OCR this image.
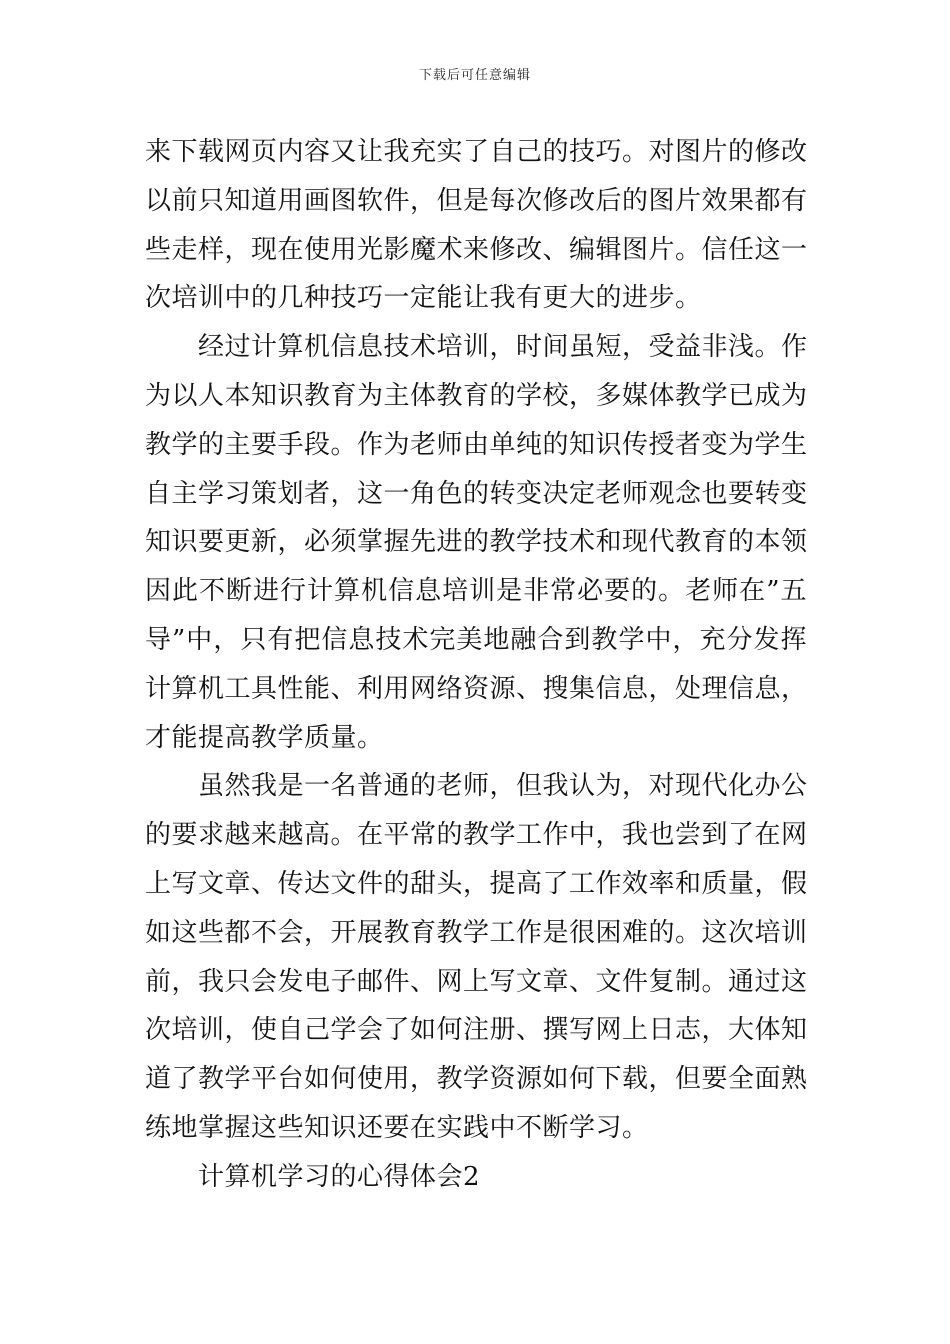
下载后可任意编辑
来下载网页内容又让我充实了自己的技巧。对图片的修改
以前只知道用画图软件，但是每次修改后的图片效果都有
些走样，现在使用光影魔术来修改、编辑图片。信任这一
次培训中的几种技巧一定能让我有更大的进步。
　　经过计算机信息技术培训，时间虽短，受益非浅。作
为以人本知识教育为主体教育的学校，多媒体教学已成为
教学的主要手段。作为老师由单纯的知识传授者变为学生
自主学习策划者，这一角色的转变决定老师观念也要转变
知识要更新，必须掌握先进的教学技术和现代教育的本领
因此不断进行计算机信息培训是非常必要的。老师在”五
导”中，只有把信息技术完美地融合到教学中，充分发挥
计算机工具性能、利用网络资源、搜集信息，处理信息，
才能提高教学质量。
　　虽然我是一名普通的老师，但我认为，对现代化办公
的要求越来越高。在平常的教学工作中，我也尝到了在网
上写文章、传达文件的甜头，提高了工作效率和质量，假
如这些都不会，开展教育教学工作是很困难的。这次培训
前，我只会发电子邮件、网上写文章、文件复制。通过这
次培训，使自己学会了如何注册、撰写网上日志，大体知
道了教学平台如何使用，教学资源如何下载，但要全面熟
练地掌握这些知识还要在实践中不断学习。
　　计算机学习的心得体会2
